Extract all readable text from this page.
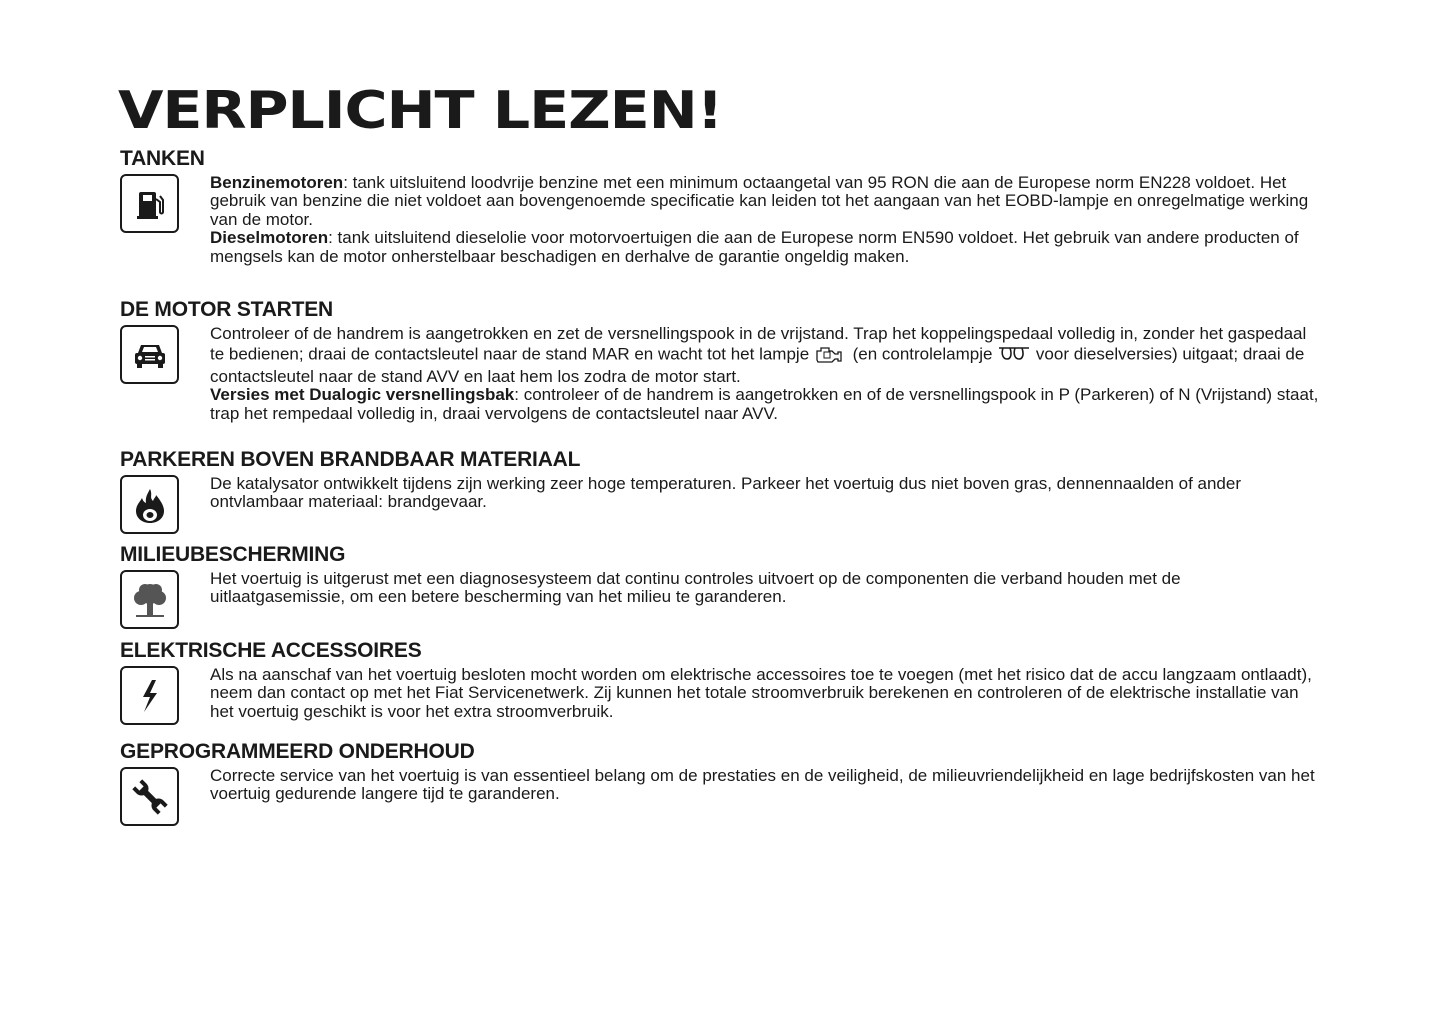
VERPLICHT LEZEN!
TANKEN

Benzinemotoren: tank uitsluitend loodvrije benzine met een minimum octaangetal van 95 RON die aan de Europese norm EN228 voldoet. Het gebruik van benzine die niet voldoet aan bovengenoemde specificatie kan leiden tot het aangaan van het EOBD-lampje en onregelmatige werking van de motor.

Dieselmotoren: tank uitsluitend dieselolie voor motorvoertuigen die aan de Europese norm EN590 voldoet. Het gebruik van andere producten of mengsels kan de motor onherstelbaar beschadigen en derhalve de garantie ongeldig maken.

DE MOTOR STARTEN

Controleer of de handrem is aangetrokken en zet de versnellingspook in de vrijstand. Trap het koppelingspedaal volledig in, zonder het gaspedaal te bedienen; draai de contactsleutel naar de stand MAR en wacht tot het lampje  (en controlelampje  voor dieselversies) uitgaat; draai de contactsleutel naar de stand AVV en laat hem los zodra de motor start.

Versies met Dualogic versnellingsbak: controleer of de handrem is aangetrokken en of de versnellingspook in P (Parkeren) of N (Vrijstand) staat, trap het rempedaal volledig in, draai vervolgens de contactsleutel naar AVV.

PARKEREN BOVEN BRANDBAAR MATERIAAL
De katalysator ontwikkelt tijdens zijn werking zeer hoge temperaturen. Parkeer het voertuig dus niet boven gras, dennennaalden of ander ontvlambaar materiaal: brandgevaar.
MILIEUBESCHERMING
Het voertuig is uitgerust met een diagnosesysteem dat continu controles uitvoert op de componenten die verband houden met de uitlaatgasemissie, om een betere bescherming van het milieu te garanderen.
ELEKTRISCHE ACCESSOIRES
Als na aanschaf van het voertuig besloten mocht worden om elektrische accessoires toe te voegen (met het risico dat de accu langzaam ontlaadt), neem dan contact op met het Fiat Servicenetwerk. Zij kunnen het totale stroomverbruik berekenen en controleren of de elektrische installatie van het voertuig geschikt is voor het extra stroomverbruik.
GEPROGRAMMEERD ONDERHOUD
Correcte service van het voertuig is van essentieel belang om de prestaties en de veiligheid, de milieuvriendelijkheid en lage bedrijfskosten van het voertuig gedurende langere tijd te garanderen.
